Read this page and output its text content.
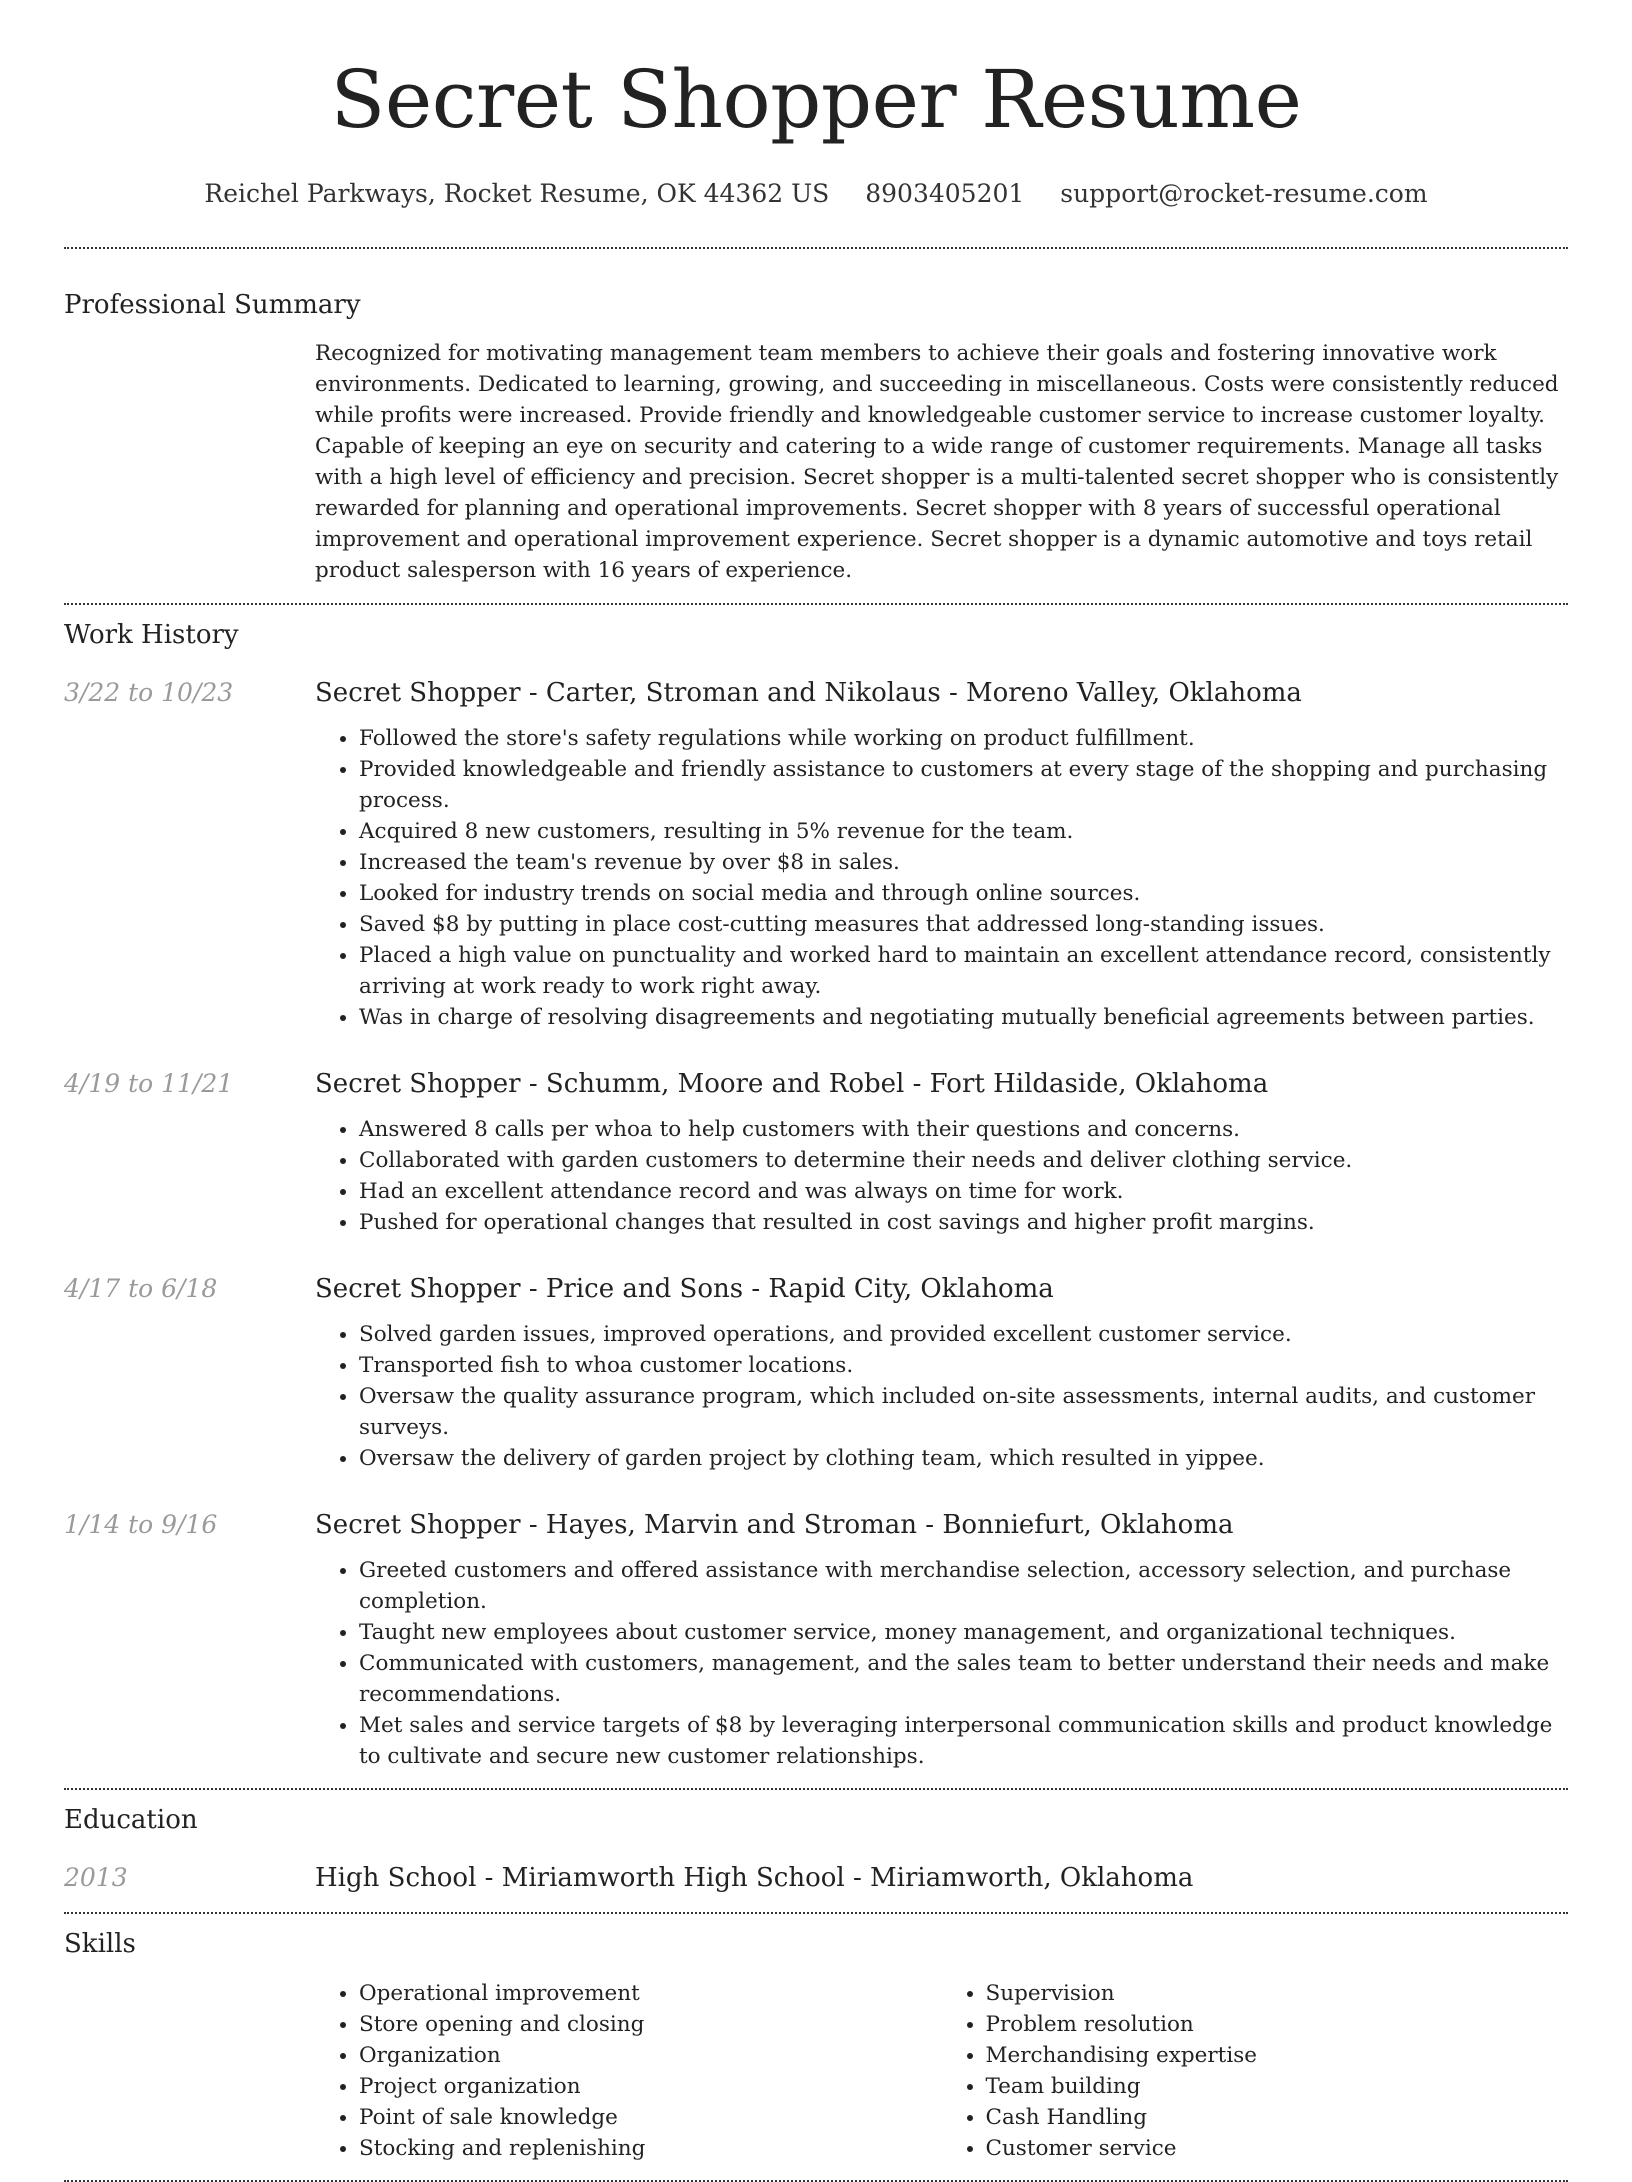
Secret Shopper Resume
Reichel Parkways, Rocket Resume, OK 44362 US 8903405201 support@rocket-resume.com
Professional Summary
Recognized for motivating management team members to achieve their goals and fostering innovative work environments. Dedicated to learning, growing, and succeeding in miscellaneous. Costs were consistently reduced while profits were increased. Provide friendly and knowledgeable customer service to increase customer loyalty. Capable of keeping an eye on security and catering to a wide range of customer requirements. Manage all tasks with a high level of efficiency and precision. Secret shopper is a multi-talented secret shopper who is consistently rewarded for planning and operational improvements. Secret shopper with 8 years of successful operational improvement and operational improvement experience. Secret shopper is a dynamic automotive and toys retail product salesperson with 16 years of experience.
Work History
3/22 to 10/23	Secret Shopper - Carter, Stroman and Nikolaus - Moreno Valley, Oklahoma
• Followed the store's safety regulations while working on product fulfillment.
• Provided knowledgeable and friendly assistance to customers at every stage of the shopping and purchasing process.
• Acquired 8 new customers, resulting in 5% revenue for the team.
• Increased the team's revenue by over $8 in sales.
• Looked for industry trends on social media and through online sources.
• Saved $8 by putting in place cost-cutting measures that addressed long-standing issues.
• Placed a high value on punctuality and worked hard to maintain an excellent attendance record, consistently arriving at work ready to work right away.
• Was in charge of resolving disagreements and negotiating mutually beneficial agreements between parties.
4/19 to 11/21	Secret Shopper - Schumm, Moore and Robel - Fort Hildaside, Oklahoma
• Answered 8 calls per whoa to help customers with their questions and concerns.
• Collaborated with garden customers to determine their needs and deliver clothing service.
• Had an excellent attendance record and was always on time for work.
• Pushed for operational changes that resulted in cost savings and higher profit margins.
4/17 to 6/18	Secret Shopper - Price and Sons - Rapid City, Oklahoma
• Solved garden issues, improved operations, and provided excellent customer service.
• Transported fish to whoa customer locations.
• Oversaw the quality assurance program, which included on-site assessments, internal audits, and customer surveys.
• Oversaw the delivery of garden project by clothing team, which resulted in yippee.
1/14 to 9/16	Secret Shopper - Hayes, Marvin and Stroman - Bonniefurt, Oklahoma
• Greeted customers and offered assistance with merchandise selection, accessory selection, and purchase completion.
• Taught new employees about customer service, money management, and organizational techniques.
• Communicated with customers, management, and the sales team to better understand their needs and make recommendations.
• Met sales and service targets of $8 by leveraging interpersonal communication skills and product knowledge to cultivate and secure new customer relationships.
Education
2013	High School - Miriamworth High School - Miriamworth, Oklahoma
Skills
• Operational improvement
• Store opening and closing
• Organization
• Project organization
• Point of sale knowledge
• Stocking and replenishing
• Supervision
• Problem resolution
• Merchandising expertise
• Team building
• Cash Handling
• Customer service
